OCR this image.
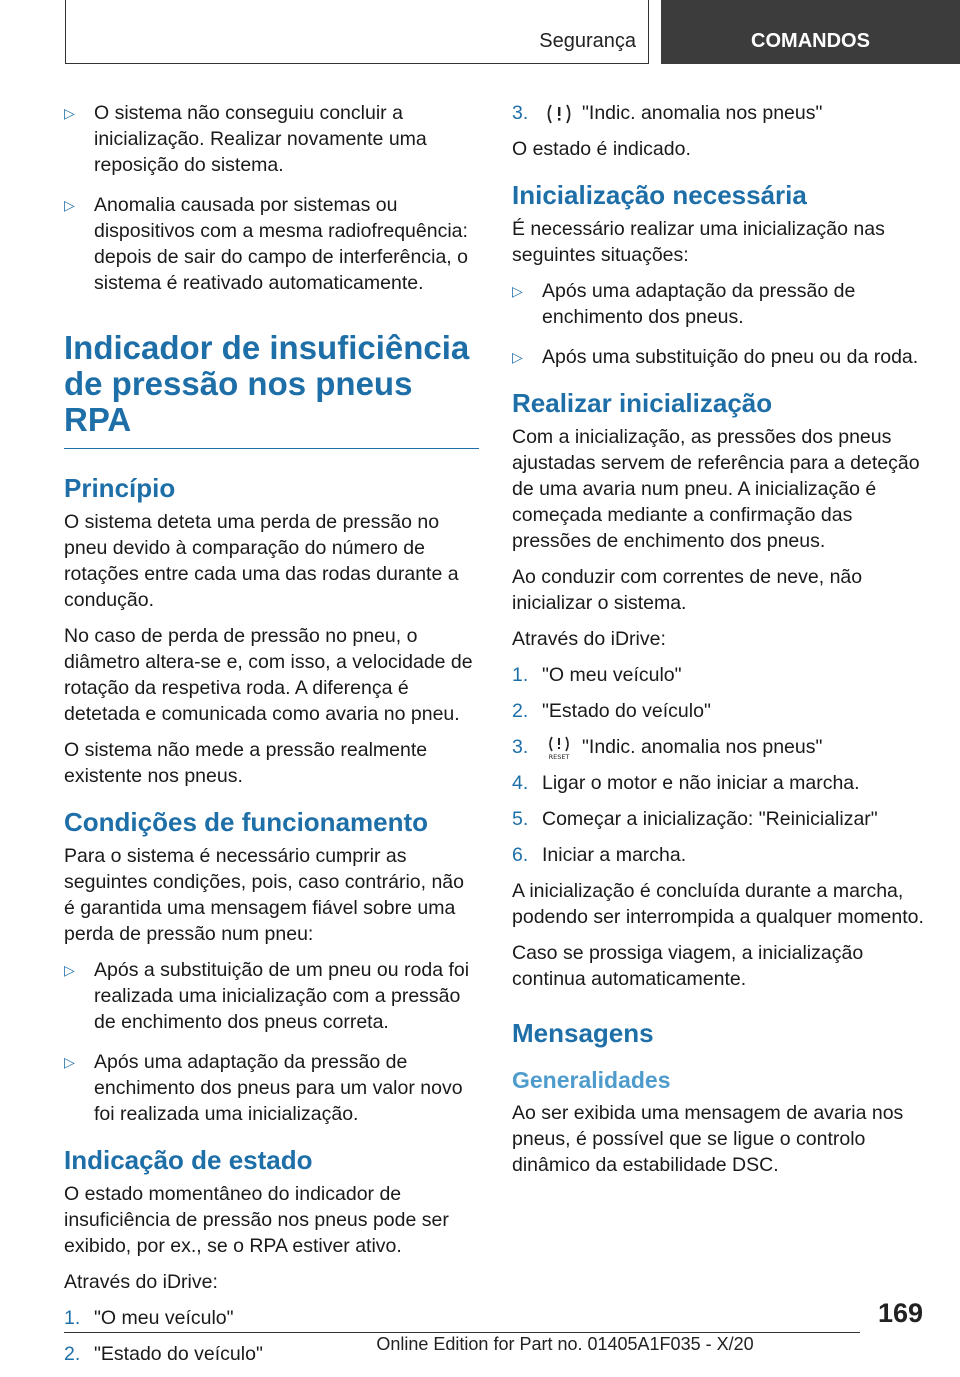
Segurança	COMANDOS
▷ O sistema não conseguiu concluir a inicialização. Realizar novamente uma reposição do sistema.
▷ Anomalia causada por sistemas ou dispositivos com a mesma radiofrequência: depois de sair do campo de interferência, o sistema é reativado automaticamente.
Indicador de insuficiência de pressão nos pneus RPA
Princípio

O sistema deteta uma perda de pressão no pneu devido à comparação do número de rotações entre cada uma das rodas durante a condução.

No caso de perda de pressão no pneu, o diâmetro altera-se e, com isso, a velocidade de rotação da respetiva roda. A diferença é detetada e comunicada como avaria no pneu.

O sistema não mede a pressão realmente existente nos pneus.

Condições de funcionamento

Para o sistema é necessário cumprir as seguintes condições, pois, caso contrário, não é garantida uma mensagem fiável sobre uma perda de pressão num pneu:

▷ Após a substituição de um pneu ou roda foi realizada uma inicialização com a pressão de enchimento dos pneus correta.
▷ Após uma adaptação da pressão de enchimento dos pneus para um valor novo foi realizada uma inicialização.
Indicação de estado

O estado momentâneo do indicador de insuficiência de pressão nos pneus pode ser exibido, por ex., se o RPA estiver ativo.

Através do iDrive:

1. "O meu veículo"
2. "Estado do veículo"
3.	"Indic. anomalia nos pneus"

O estado é indicado.

Inicialização necessária

É necessário realizar uma inicialização nas seguintes situações:

▷ Após uma adaptação da pressão de enchimento dos pneus.
▷ Após uma substituição do pneu ou da roda.
Realizar inicialização

Com a inicialização, as pressões dos pneus ajustadas servem de referência para a deteção de uma avaria num pneu. A inicialização é começada mediante a confirmação das pressões de enchimento dos pneus.

Ao conduzir com correntes de neve, não inicializar o sistema.

Através do iDrive:

1. "O meu veículo"
2. "Estado do veículo"
3.	RESET "Indic. anomalia nos pneus"
4. Ligar o motor e não iniciar a marcha.
5. Começar a inicialização: "Reinicializar"
6. Iniciar a marcha.

A inicialização é concluída durante a marcha, podendo ser interrompida a qualquer momento.

Caso se prossiga viagem, a inicialização continua automaticamente.

Mensagens
Generalidades

Ao ser exibida uma mensagem de avaria nos pneus, é possível que se ligue o controlo dinâmico da estabilidade DSC.

169
Online Edition for Part no. 01405A1F035 - X/20
